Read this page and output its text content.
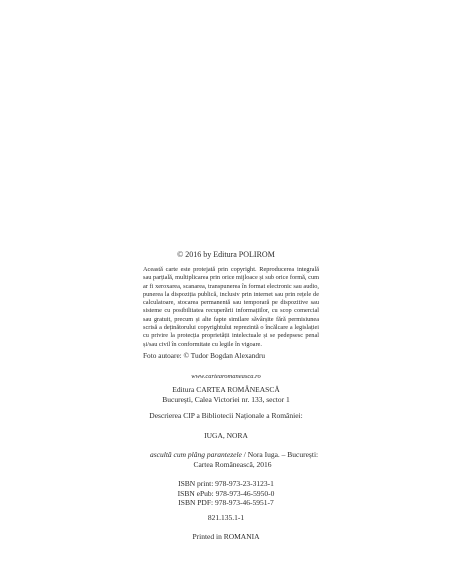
© 2016 by Editura POLIROM
Această carte este protejată prin copyright. Reproducerea integrală sau parțială, multiplicarea prin orice mijloace și sub orice formă, cum ar fi xeroxarea, scanarea, transpunerea în format electronic sau audio, punerea la dispoziția publică, inclusiv prin internet sau prin rețele de calculatoare, stocarea permanentă sau temporară pe dispozitive sau sisteme cu posibilitatea recuperării informațiilor, cu scop comercial sau gratuit, precum și alte fapte similare săvârșite fără permisiunea scrisă a deținătorului copyrightului reprezintă o încălcare a legislației cu privire la protecția proprietății intelectuale și se pedepsesc penal și/sau civil în conformitate cu legile în vigoare.
Foto autoare: © Tudor Bogdan Alexandru
www.cartearomaneasca.ro
Editura CARTEA ROMÂNEASCĂ
București, Calea Victoriei nr. 133, sector 1
Descrierea CIP a Bibliotecii Naționale a României:
IUGA, NORA
ascultă cum plâng parantezele / Nora Iuga. – București:
Cartea Românească, 2016
ISBN print: 978-973-23-3123-1
ISBN ePub: 978-973-46-5950-0
ISBN PDF: 978-973-46-5951-7
821.135.1-1
Printed in ROMANIA
